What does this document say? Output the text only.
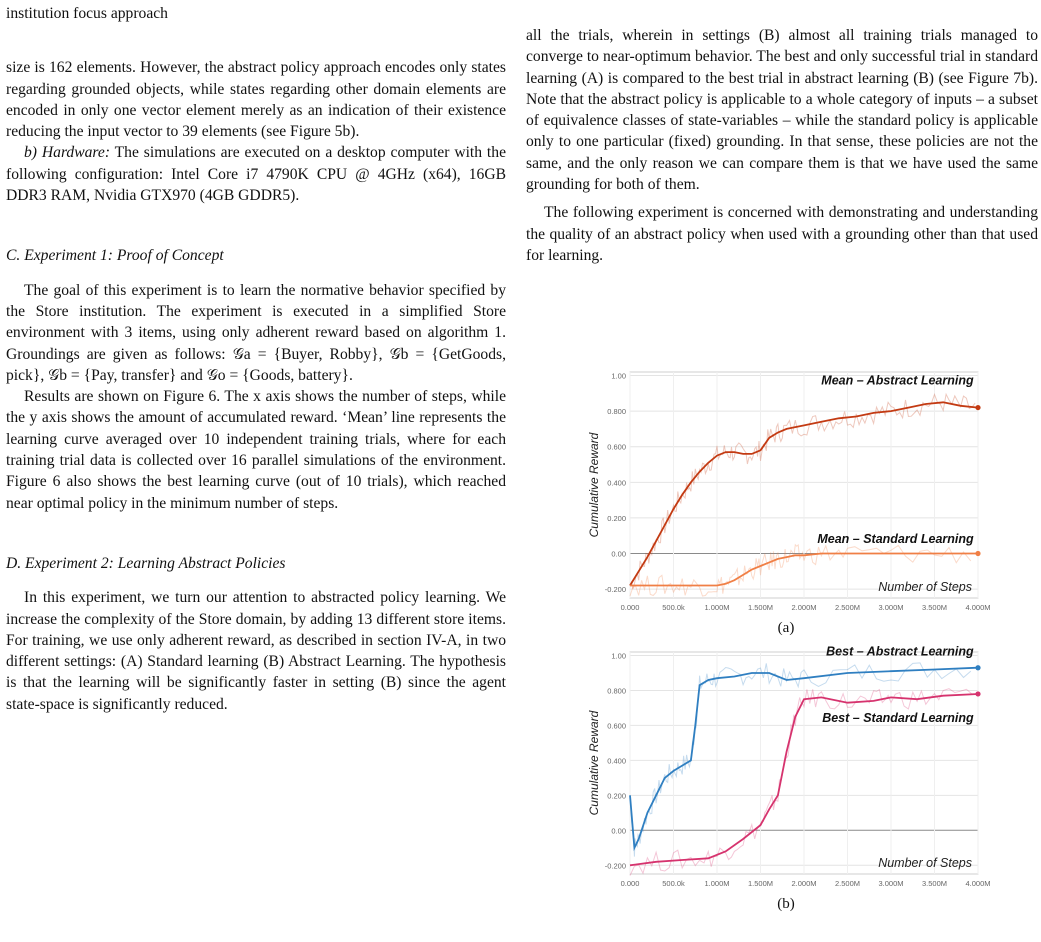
institution focus approach

size is 162 elements. However, the abstract policy approach encodes only states regarding grounded objects, while states regarding other domain elements are encoded in only one vector element merely as an indication of their existence reducing the input vector to 39 elements (see Figure 5b).

b) Hardware: The simulations are executed on a desktop computer with the following configuration: Intel Core i7 4790K CPU @ 4GHz (x64), 16GB DDR3 RAM, Nvidia GTX970 (4GB GDDR5).

C. Experiment 1: Proof of Concept

The goal of this experiment is to learn the normative behavior specified by the Store institution. The experiment is executed in a simplified Store environment with 3 items, using only adherent reward based on algorithm 1. Groundings are given as follows: 𝒢a = {Buyer, Robby}, 𝒢b = {GetGoods, pick}, 𝒢b = {Pay, transfer} and 𝒢o = {Goods, battery}.

Results are shown on Figure 6. The x axis shows the number of steps, while the y axis shows the amount of accumulated reward. ‘Mean’ line represents the learning curve averaged over 10 independent training trials, where for each training trial data is collected over 16 parallel simulations of the environment. Figure 6 also shows the best learning curve (out of 10 trials), which reached near optimal policy in the minimum number of steps.

D. Experiment 2: Learning Abstract Policies

In this experiment, we turn our attention to abstracted policy learning. We increase the complexity of the Store domain, by adding 13 different store items. For training, we use only adherent reward, as described in section IV-A, in two different settings: (A) Standard learning (B) Abstract Learning. The hypothesis is that the learning will be significantly faster in setting (B) since the agent state-space is significantly reduced.

all the trials, wherein in settings (B) almost all training trials managed to converge to near-optimum behavior. The best and only successful trial in standard learning (A) is compared to the best trial in abstract learning (B) (see Figure 7b). Note that the abstract policy is applicable to a whole category of inputs – a subset of equivalence classes of state-variables – while the standard policy is applicable only to one particular (fixed) grounding. In that sense, these policies are not the same, and the only reason we can compare them is that we have used the same grounding for both of them.

The following experiment is concerned with demonstrating and understanding the quality of an abstract policy when used with a grounding other than that used for learning.

-0.200
0.00
0.200
0.400
0.600
0.800
1.00
0.000	500.0k	1.000M 1.500M 2.000M 2.500M 3.000M 3.500M 4.000M
Cumulative Reward
Number of Steps
Mean – Abstract Learning
Mean – Standard Learning
(a)
-0.200
0.00
0.200
0.400
0.600
0.800
1.00
0.000	500.0k	1.000M 1.500M 2.000M 2.500M 3.000M 3.500M 4.000M
Cumulative Reward
Number of Steps
Best – Abstract Learning
Best – Standard Learning
(b)
